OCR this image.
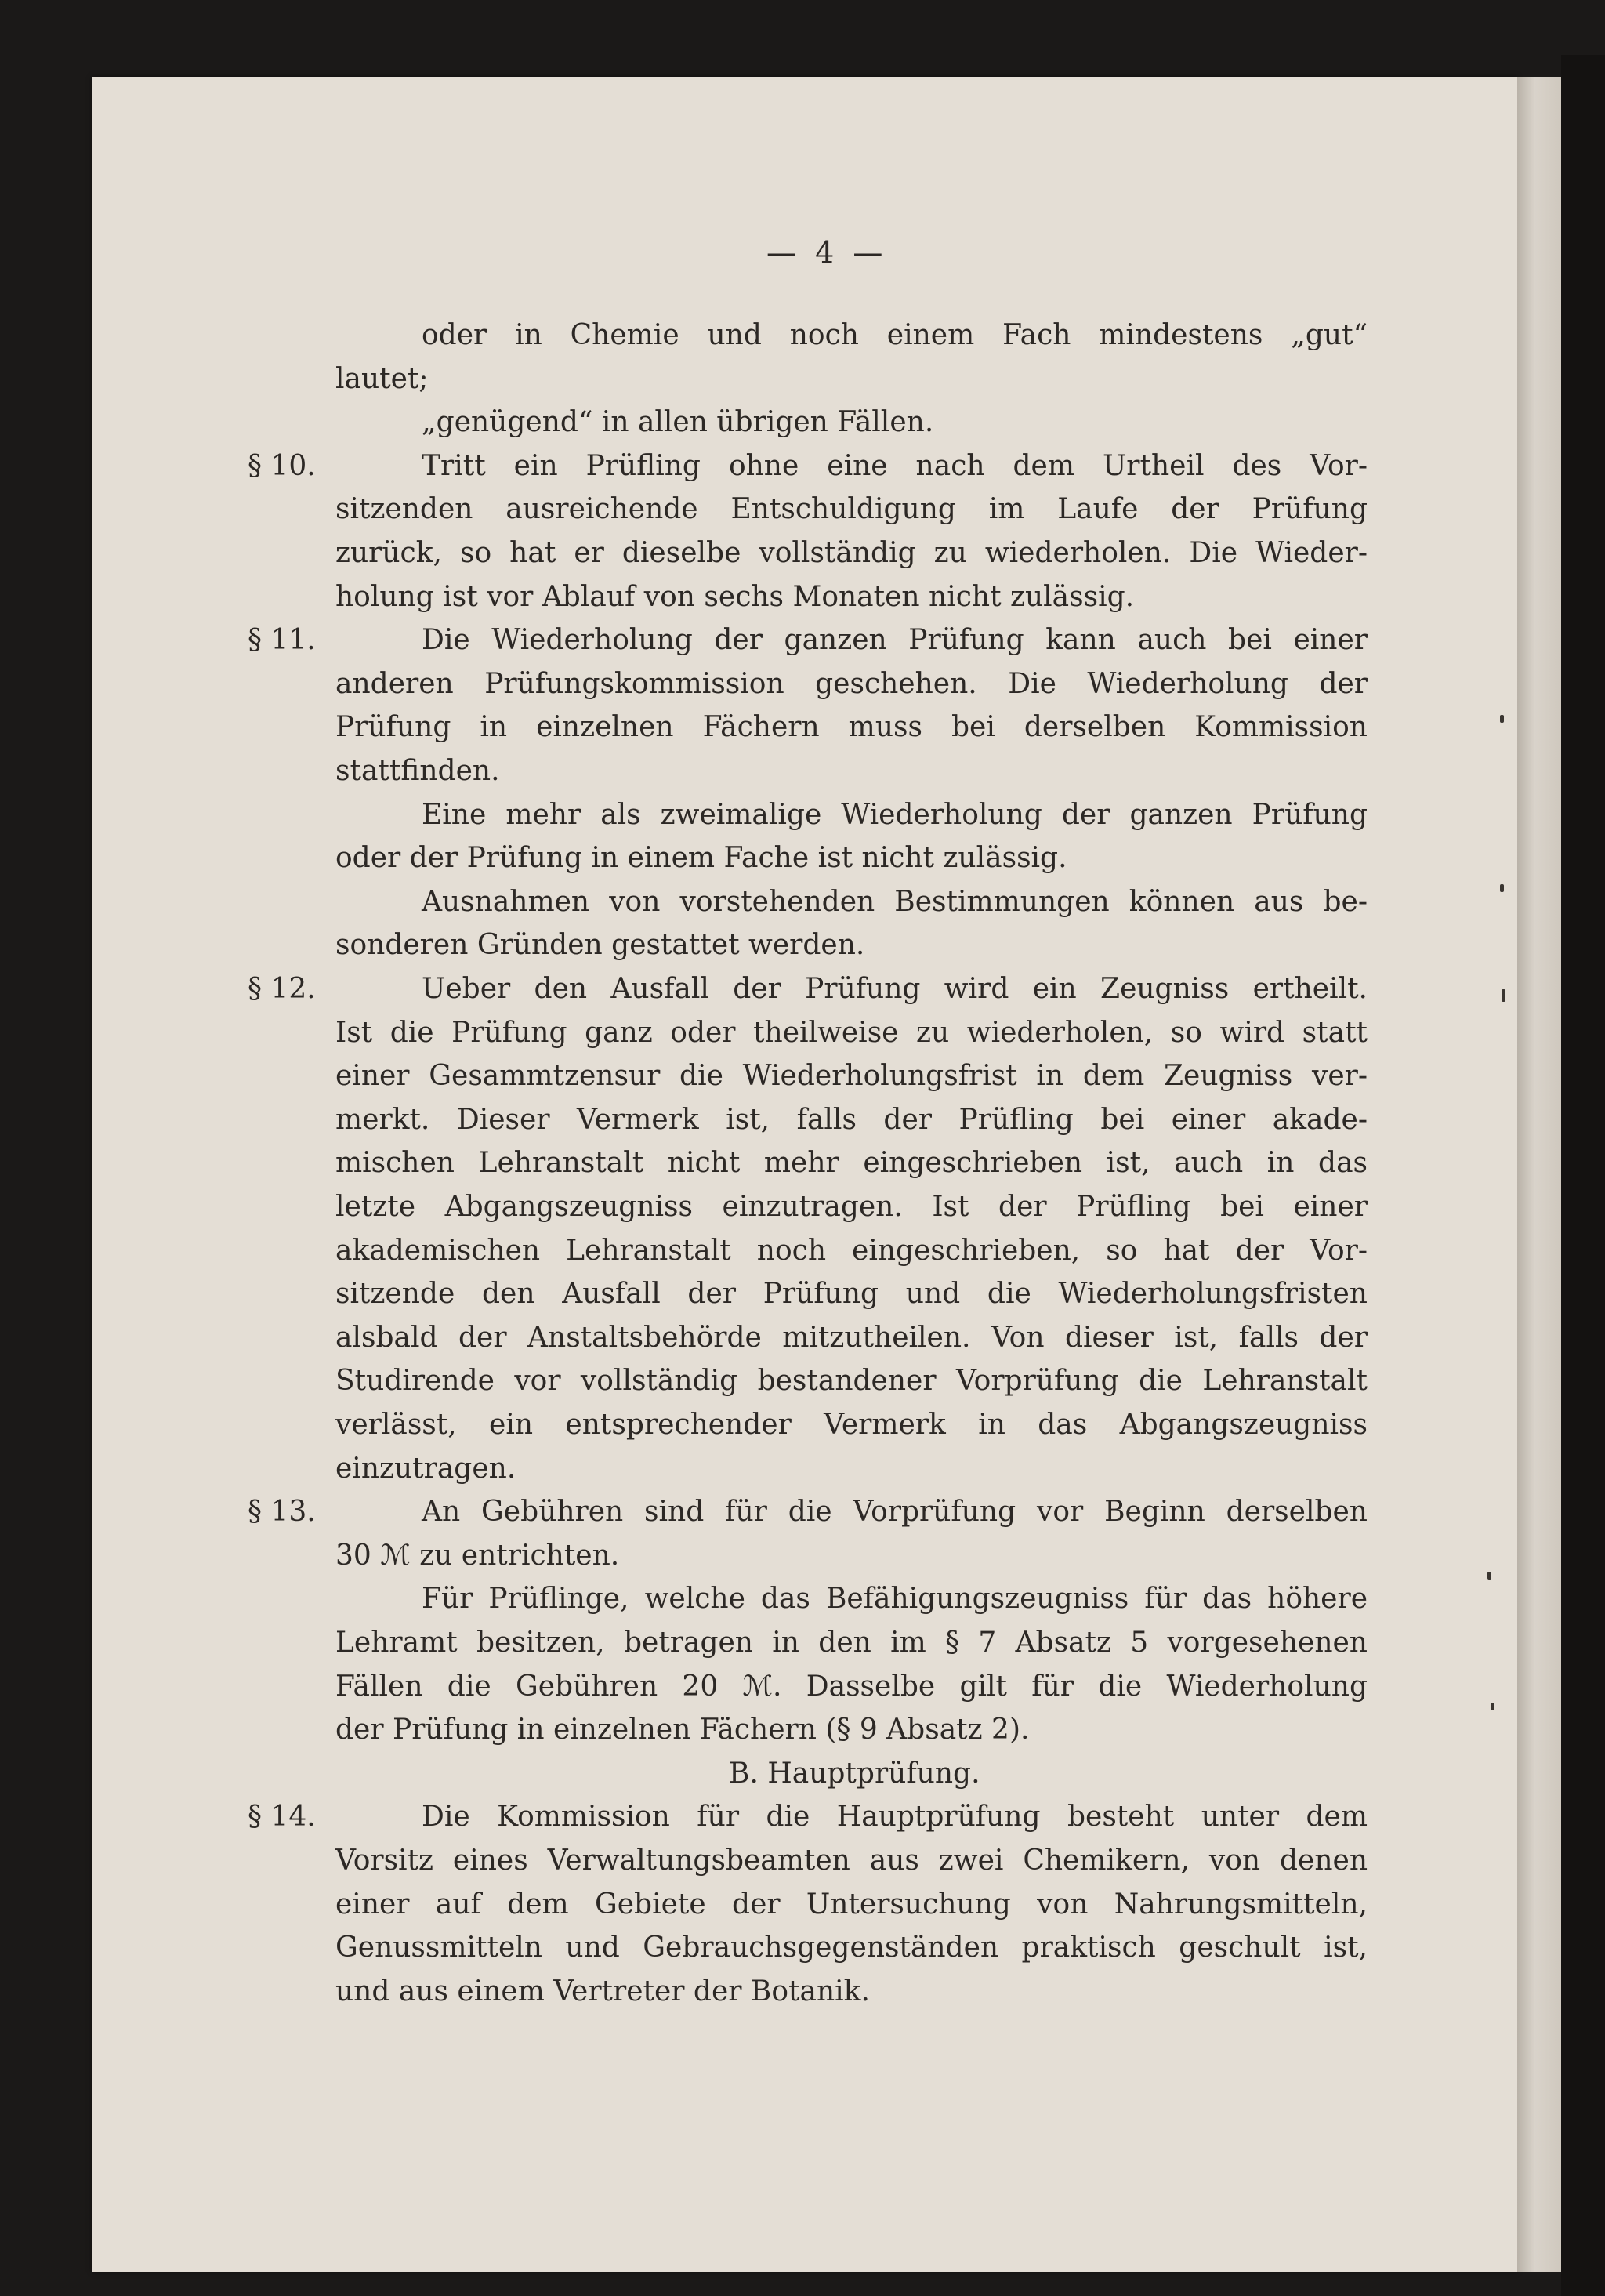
— 4 —
oder in Chemie und noch einem Fach mindestens „gut“
lautet;
„genügend“ in allen übrigen Fällen.
§ 10.	Tritt ein Prüfling ohne eine nach dem Urtheil des Vor-
sitzenden ausreichende Entschuldigung im Laufe der Prüfung
zurück, so hat er dieselbe vollständig zu wiederholen. Die Wieder-
holung ist vor Ablauf von sechs Monaten nicht zulässig.
§ 11.	Die Wiederholung der ganzen Prüfung kann auch bei einer
anderen Prüfungskommission geschehen. Die Wiederholung der
Prüfung in einzelnen Fächern muss bei derselben Kommission
stattfinden.
Eine mehr als zweimalige Wiederholung der ganzen Prüfung
oder der Prüfung in einem Fache ist nicht zulässig.
Ausnahmen von vorstehenden Bestimmungen können aus be-
sonderen Gründen gestattet werden.
§ 12.	Ueber den Ausfall der Prüfung wird ein Zeugniss ertheilt.
Ist die Prüfung ganz oder theilweise zu wiederholen, so wird statt
einer Gesammtzensur die Wiederholungsfrist in dem Zeugniss ver-
merkt. Dieser Vermerk ist, falls der Prüfling bei einer akade-
mischen Lehranstalt nicht mehr eingeschrieben ist, auch in das
letzte Abgangszeugniss einzutragen. Ist der Prüfling bei einer
akademischen Lehranstalt noch eingeschrieben, so hat der Vor-
sitzende den Ausfall der Prüfung und die Wiederholungsfristen
alsbald der Anstaltsbehörde mitzutheilen. Von dieser ist, falls der
Studirende vor vollständig bestandener Vorprüfung die Lehranstalt
verlässt, ein entsprechender Vermerk in das Abgangszeugniss
einzutragen.
§ 13.	An Gebühren sind für die Vorprüfung vor Beginn derselben
30 ℳ zu entrichten.
Für Prüflinge, welche das Befähigungszeugniss für das höhere
Lehramt besitzen, betragen in den im § 7 Absatz 5 vorgesehenen
Fällen die Gebühren 20 ℳ. Dasselbe gilt für die Wiederholung
der Prüfung in einzelnen Fächern (§ 9 Absatz 2).
B. Hauptprüfung.
§ 14.	Die Kommission für die Hauptprüfung besteht unter dem
Vorsitz eines Verwaltungsbeamten aus zwei Chemikern, von denen
einer auf dem Gebiete der Untersuchung von Nahrungsmitteln,
Genussmitteln und Gebrauchsgegenständen praktisch geschult ist,
und aus einem Vertreter der Botanik.
